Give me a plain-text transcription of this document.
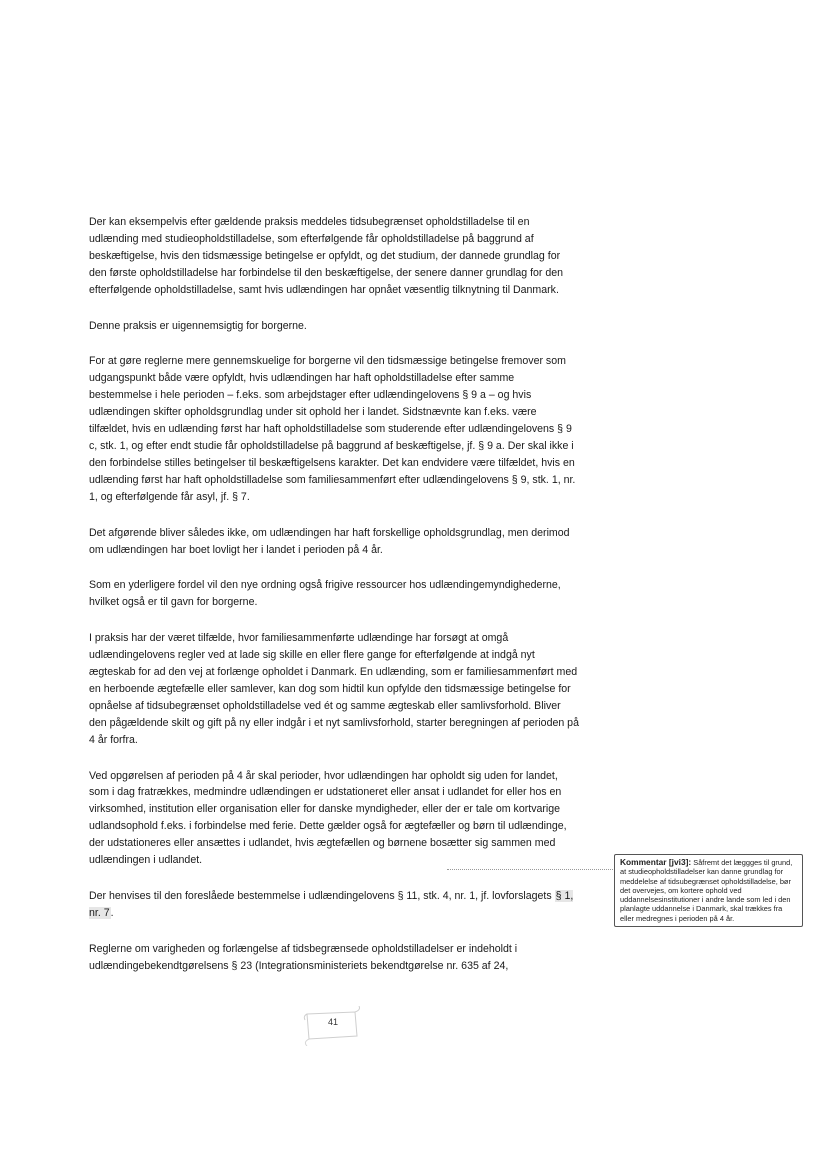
Der kan eksempelvis efter gældende praksis meddeles tidsubegrænset opholdstilladelse til en udlænding med studieopholdstilladelse, som efterfølgende får opholdstilladelse på baggrund af beskæftigelse, hvis den tidsmæssige betingelse er opfyldt, og det studium, der dannede grundlag for den første opholdstilladelse har forbindelse til den beskæftigelse, der senere danner grundlag for den efterfølgende opholdstilladelse, samt hvis udlændingen har opnået væsentlig tilknytning til Danmark.

Denne praksis er uigennemsigtig for borgerne.

For at gøre reglerne mere gennemskuelige for borgerne vil den tidsmæssige betingelse fremover som udgangspunkt både være opfyldt, hvis udlændingen har haft opholdstilladelse efter samme bestemmelse i hele perioden – f.eks. som arbejdstager efter udlændingelovens § 9 a – og hvis udlændingen skifter opholdsgrundlag under sit ophold her i landet. Sidstnævnte kan f.eks. være tilfældet, hvis en udlænding først har haft opholdstilladelse som studerende efter udlændingelovens § 9 c, stk. 1, og efter endt studie får opholdstilladelse på baggrund af beskæftigelse, jf. § 9 a. Der skal ikke i den forbindelse stilles betingelser til beskæftigelsens karakter. Det kan endvidere være tilfældet, hvis en udlænding først har haft opholdstilladelse som familiesammenført efter udlændingelovens § 9, stk. 1, nr. 1, og efterfølgende får asyl, jf. § 7.

Det afgørende bliver således ikke, om udlændingen har haft forskellige opholdsgrundlag, men derimod om udlændingen har boet lovligt her i landet i perioden på 4 år.

Som en yderligere fordel vil den nye ordning også frigive ressourcer hos udlændingemyndighederne, hvilket også er til gavn for borgerne.

I praksis har der været tilfælde, hvor familiesammenførte udlændinge har forsøgt at omgå udlændingelovens regler ved at lade sig skille en eller flere gange for efterfølgende at indgå nyt ægteskab for ad den vej at forlænge opholdet i Danmark. En udlænding, som er familiesammenført med en herboende ægtefælle eller samlever, kan dog som hidtil kun opfylde den tidsmæssige betingelse for opnåelse af tidsubegrænset opholdstilladelse ved ét og samme ægteskab eller samlivsforhold. Bliver den pågældende skilt og gift på ny eller indgår i et nyt samlivsforhold, starter beregningen af perioden på 4 år forfra.

Ved opgørelsen af perioden på 4 år skal perioder, hvor udlændingen har opholdt sig uden for landet, som i dag fratrækkes, medmindre udlændingen er udstationeret eller ansat i udlandet for eller hos en virksomhed, institution eller organisation eller for danske myndigheder, eller der er tale om kortvarige udlandsophold f.eks. i forbindelse med ferie. Dette gælder også for ægtefæller og børn til udlændinge, der udstationeres eller ansættes i udlandet, hvis ægtefællen og børnene bosætter sig sammen med udlændingen i udlandet.

Der henvises til den foreslåede bestemmelse i udlændingelovens § 11, stk. 4, nr. 1, jf. lovforslagets § 1, nr. 7.

Reglerne om varigheden og forlængelse af tidsbegrænsede opholdstilladelser er indeholdt i udlændingebekendtgørelsens § 23 (Integrationsministeriets bekendtgørelse nr. 635 af 24,

Kommentar [jvi3]: Såfremt det læggges til grund, at studieopholdstilladelser kan danne grundlag for meddelelse af tidsubegrænset opholdstilladelse, bør det overvejes, om kortere ophold ved uddannelsesinstitutioner i andre lande som led i den planlagte uddannelse i Danmark, skal trækkes fra eller medregnes i perioden på 4 år.
41
